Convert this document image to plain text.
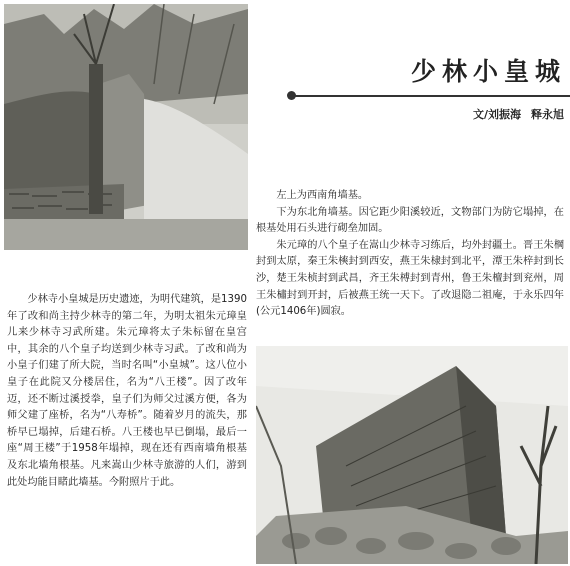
少林小皇城
文/刘振海 释永旭

左上为西南角墙基。

下为东北角墙基。因它距少阳溪较近，文物部门为防它塌掉，在根基处用石头进行砌垒加固。

朱元璋的八个皇子在嵩山少林寺习练后，均外封疆土。晋王朱棡封到太原，秦王朱樉封到西安，燕王朱棣封到北平，潭王朱梓封到长沙，楚王朱桢封到武昌，齐王朱榑封到青州，鲁王朱檀封到兖州，周王朱橚封到开封，后被燕王统一天下。了改退隐二祖庵，于永乐四年(公元1406年)圆寂。

少林寺小皇城是历史遗迹，为明代建筑，是1390年了改和尚主持少林寺的第二年，为明太祖朱元璋皇儿来少林寺习武所建。朱元璋将太子朱标留在皇宫中，其余的八个皇子均送到少林寺习武。了改和尚为小皇子们建了所大院，当时名叫“小皇城”。这八位小皇子在此院又分楼居住，名为“八王楼”。因了改年迈，还不断过溪授拳，皇子们为师父过溪方便，各为师父建了座桥，名为“八寿桥”。随着岁月的流失，那桥早已塌掉，后建石桥。八王楼也早已倒塌，最后一座“周王楼”于1958年塌掉，现在还有西南墙角根基及东北墙角根基。凡来嵩山少林寺旅游的人们，游到此处均能目睹此墙基。今附照片于此。
